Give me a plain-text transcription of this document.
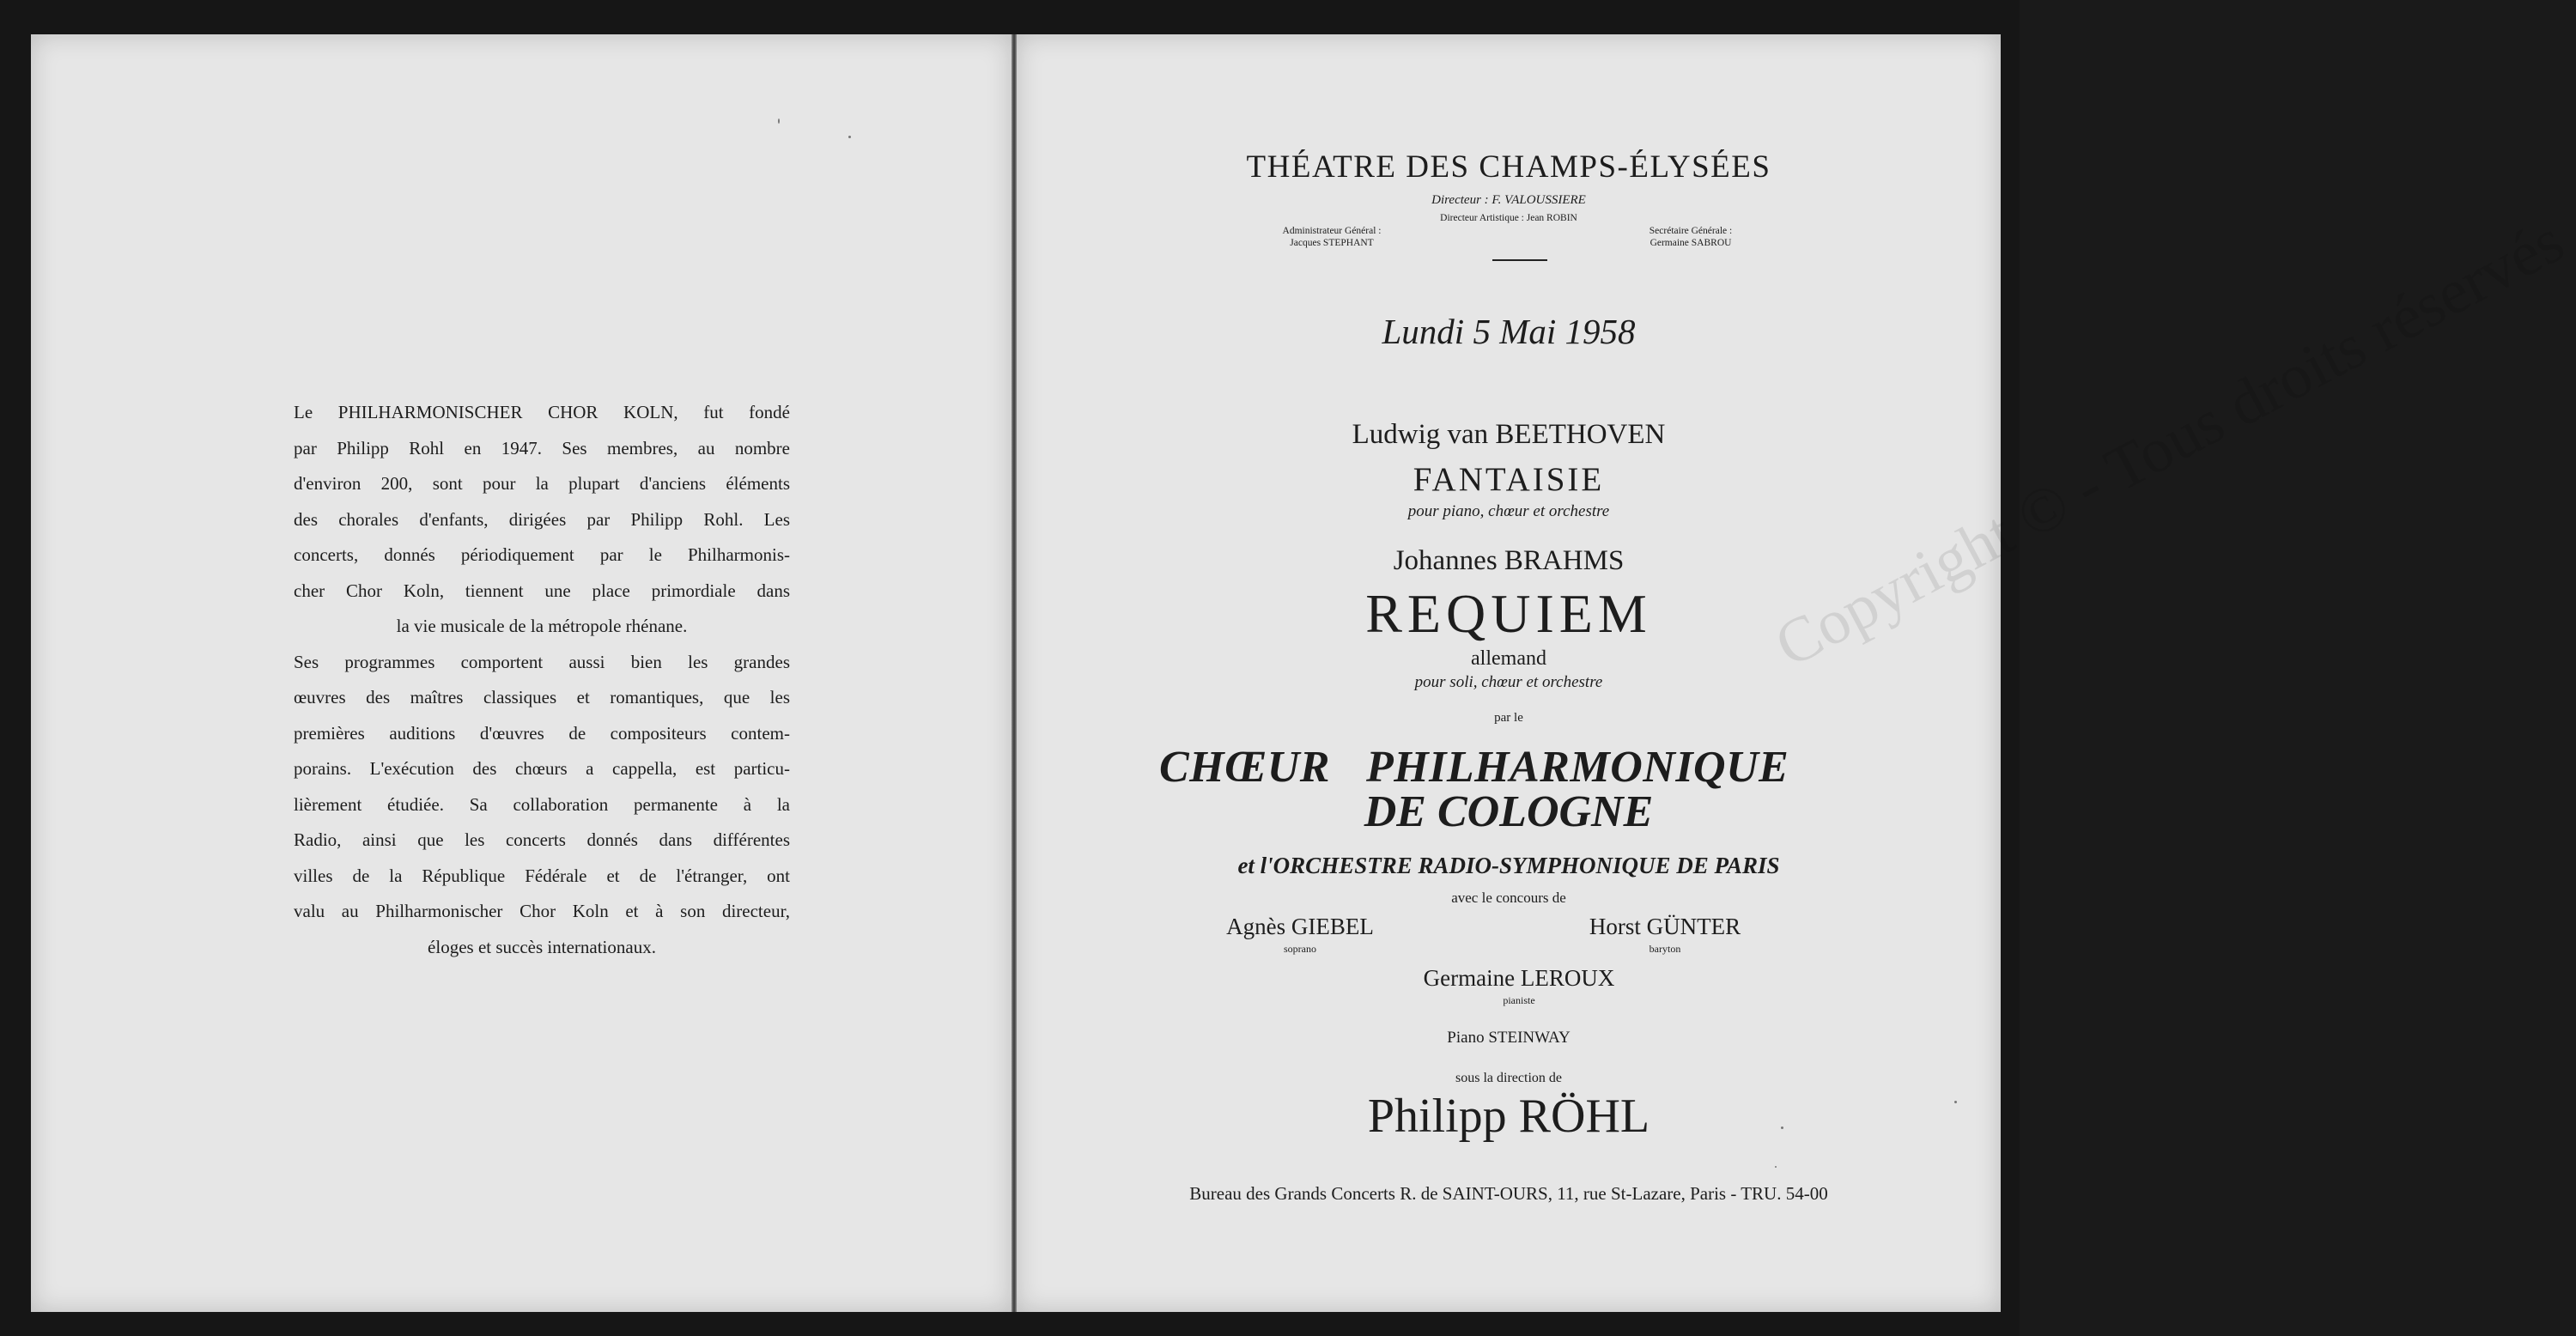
Le PHILHARMONISCHER CHOR KOLN, fut fondé
par Philipp Rohl en 1947. Ses membres, au nombre
d'environ 200, sont pour la plupart d'anciens éléments
des chorales d'enfants, dirigées par Philipp Rohl. Les
concerts, donnés périodiquement par le Philharmonis-
cher Chor Koln, tiennent une place primordiale dans
la vie musicale de la métropole rhénane.

Ses programmes comportent aussi bien les grandes
œuvres des maîtres classiques et romantiques, que les
premières auditions d'œuvres de compositeurs contem-
porains. L'exécution des chœurs a cappella, est particu-
lièrement étudiée. Sa collaboration permanente à la
Radio, ainsi que les concerts donnés dans différentes
villes de la République Fédérale et de l'étranger, ont
valu au Philharmonischer Chor Koln et à son directeur,
éloges et succès internationaux.

THÉATRE DES CHAMPS-ÉLYSÉES
Directeur : F. VALOUSSIERE
Directeur Artistique : Jean ROBIN
Administrateur Général :
Jacques STEPHANT
Secrétaire Générale :
Germaine SABROU
Lundi 5 Mai 1958
Ludwig van BEETHOVEN
FANTAISIE
pour piano, chœur et orchestre
Johannes BRAHMS
REQUIEM
allemand
pour soli, chœur et orchestre
par le
CHŒUR PHILHARMONIQUE
DE COLOGNE
et l'ORCHESTRE RADIO-SYMPHONIQUE DE PARIS
avec le concours de
Agnès GIEBEL
soprano
Horst GÜNTER
baryton
Germaine LEROUX
pianiste
Piano STEINWAY
sous la direction de
Philipp RÖHL
Bureau des Grands Concerts R. de SAINT-OURS, 11, rue St-Lazare, Paris - TRU. 54-00
Copyright © - Tous droits réservés
